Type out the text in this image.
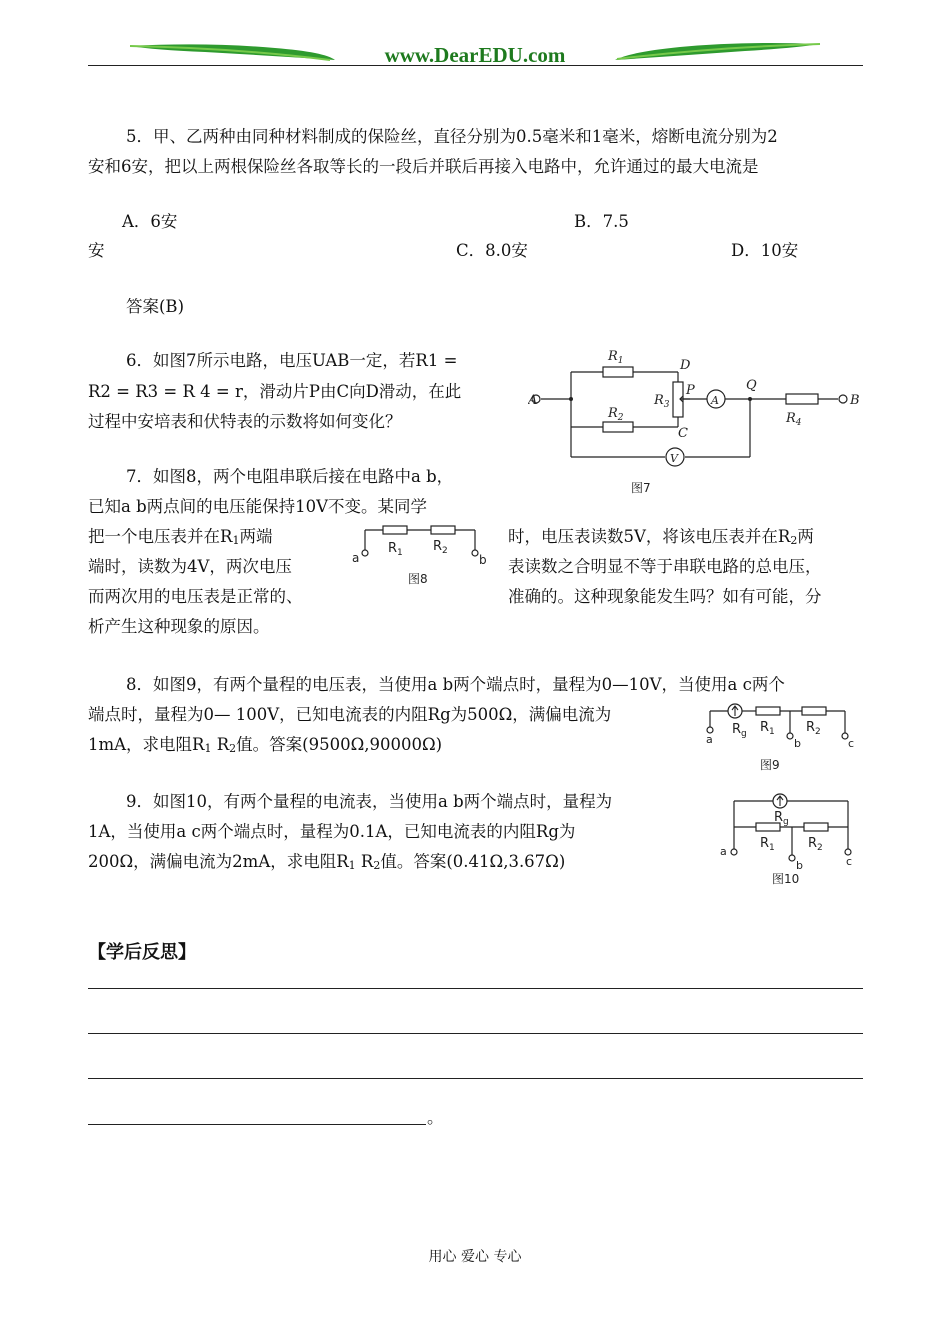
www.DearEDU.com
5．甲、乙两种由同种材料制成的保险丝，直径分别为0.5毫米和1毫米，熔断电流分别为2
安和6安，把以上两根保险丝各取等长的一段后并联后再接入电路中，允许通过的最大电流是
A．6安	B．7.5
安	C．8.0安	D．10安
答案(B)
6．如图7所示电路，电压UAB一定，若R1 =
R2 = R3 = R 4 = r，滑动片P由C向D滑动，在此
过程中安培表和伏特表的示数将如何变化？
A
V
A	B
$R_1$
$R_2$
$R_3$
$R_4$
D
C
P	Q
图7
7．如图8，两个电阻串联后接在电路中a b，
已知a b两点间的电压能保持10V不变。某同学
把一个电压表并在$R_1$两端	时，电压表读数5V，将该电压表并在$R_2$两
端时，读数为4V，两次电压	表读数之合明显不等于串联电路的总电压，
而两次用的电压表是正常的、	准确的。这种现象能发生吗？如有可能，分
析产生这种现象的原因。
a	b
$R_1$ $R_2$
图8
8．如图9，有两个量程的电压表，当使用a b两个端点时，量程为0—10V，当使用a c两个
端点时，量程为0— 100V，已知电流表的内阻Rg为500Ω，满偏电流为
1mA，求电阻$R_1$ $R_2$值。答案(9500Ω,90000Ω)	a	b	c
$R_g$ $R_1$ $R_2$
图9
9．如图10，有两个量程的电流表，当使用a b两个端点时，量程为
1A，当使用a c两个端点时，量程为0.1A，已知电流表的内阻Rg为
200Ω，满偏电流为2mA，求电阻$R_1$ $R_2$值。答案(0.41Ω,3.67Ω)
a
b	c
$R_g$
$R_1$	$R_2$
图10
【学后反思】
。
用心 爱心 专心
